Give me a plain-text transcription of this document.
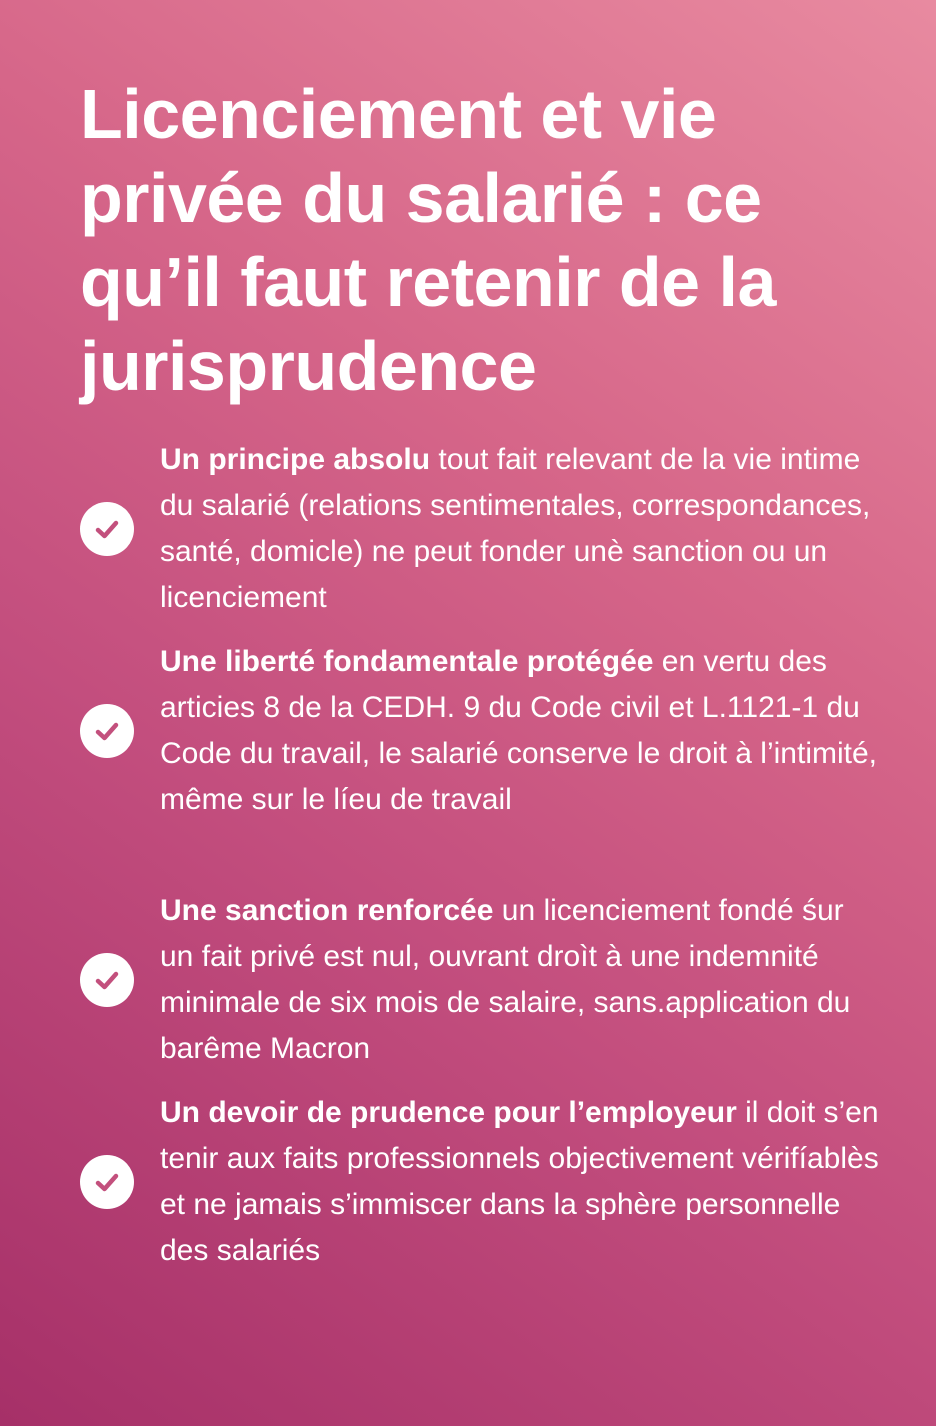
Licenciement et vie privée du salarié : ce qu’il faut retenir de la jurisprudence
Un principe absolu tout fait relevant de la vie intime du salarié (relations sentimentales, correspondances, santé, domicle) ne peut fonder unè sanction ou un licenciement
Une liberté fondamentale protégée en vertu des articies 8 de la CEDH. 9 du Code civil et L.1121-1 du Code du travail, le salarié conserve le droit à l’intimité, même sur le líeu de travail
Une sanction renforcée un licenciement fondé śur un fait privé est nul, ouvrant droìt à une indemnité minimale de six mois de salaire, sans.application du barême Macron
Un devoir de prudence pour l’employeur il doit s’en tenir aux faits professionnels objectivement vérifíablès et ne jamais s’immiscer dans la sphère personnelle des salariés
